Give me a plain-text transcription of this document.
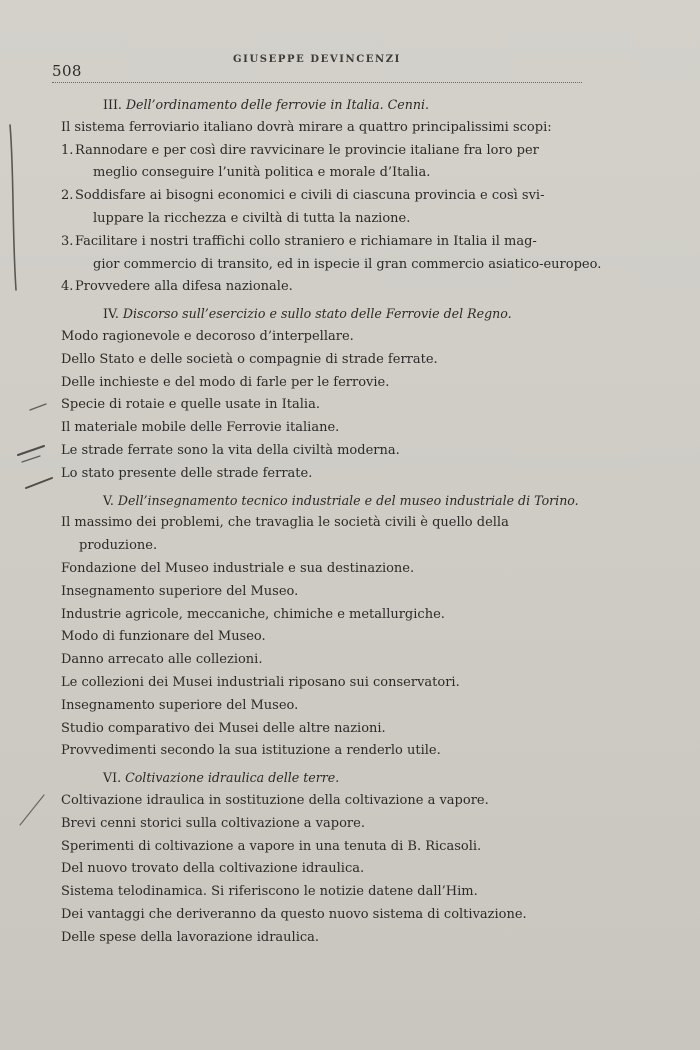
508
GIUSEPPE DEVINCENZI
III. Dell’ordinamento delle ferrovie in Italia. Cenni.
Il sistema ferroviario italiano dovrà mirare a quattro principalissimi scopi:
1. Rannodare e per così dire ravvicinare le provincie italiane fra loro per
meglio conseguire l’unità politica e morale d’Italia.
2. Soddisfare ai bisogni economici e civili di ciascuna provincia e così svi-
luppare la ricchezza e civiltà di tutta la nazione.
3. Facilitare i nostri traffichi collo straniero e richiamare in Italia il mag-
gior commercio di transito, ed in ispecie il gran commercio asiatico-europeo.
4. Provvedere alla difesa nazionale.
IV. Discorso sull’esercizio e sullo stato delle Ferrovie del Regno.
Modo ragionevole e decoroso d’interpellare.
Dello Stato e delle società o compagnie di strade ferrate.
Delle inchieste e del modo di farle per le ferrovie.
Specie di rotaie e quelle usate in Italia.
Il materiale mobile delle Ferrovie italiane.
Le strade ferrate sono la vita della civiltà moderna.
Lo stato presente delle strade ferrate.
V. Dell’insegnamento tecnico industriale e del museo industriale di Torino.
Il massimo dei problemi, che travaglia le società civili è quello della
produzione.
Fondazione del Museo industriale e sua destinazione.
Insegnamento superiore del Museo.
Industrie agricole, meccaniche, chimiche e metallurgiche.
Modo di funzionare del Museo.
Danno arrecato alle collezioni.
Le collezioni dei Musei industriali riposano sui conservatori.
Insegnamento superiore del Museo.
Studio comparativo dei Musei delle altre nazioni.
Provvedimenti secondo la sua istituzione a renderlo utile.
VI. Coltivazione idraulica delle terre.
Coltivazione idraulica in sostituzione della coltivazione a vapore.
Brevi cenni storici sulla coltivazione a vapore.
Sperimenti di coltivazione a vapore in una tenuta di B. Ricasoli.
Del nuovo trovato della coltivazione idraulica.
Sistema telodinamica. Si riferiscono le notizie datene dall’Him.
Dei vantaggi che deriveranno da questo nuovo sistema di coltivazione.
Delle spese della lavorazione idraulica.
